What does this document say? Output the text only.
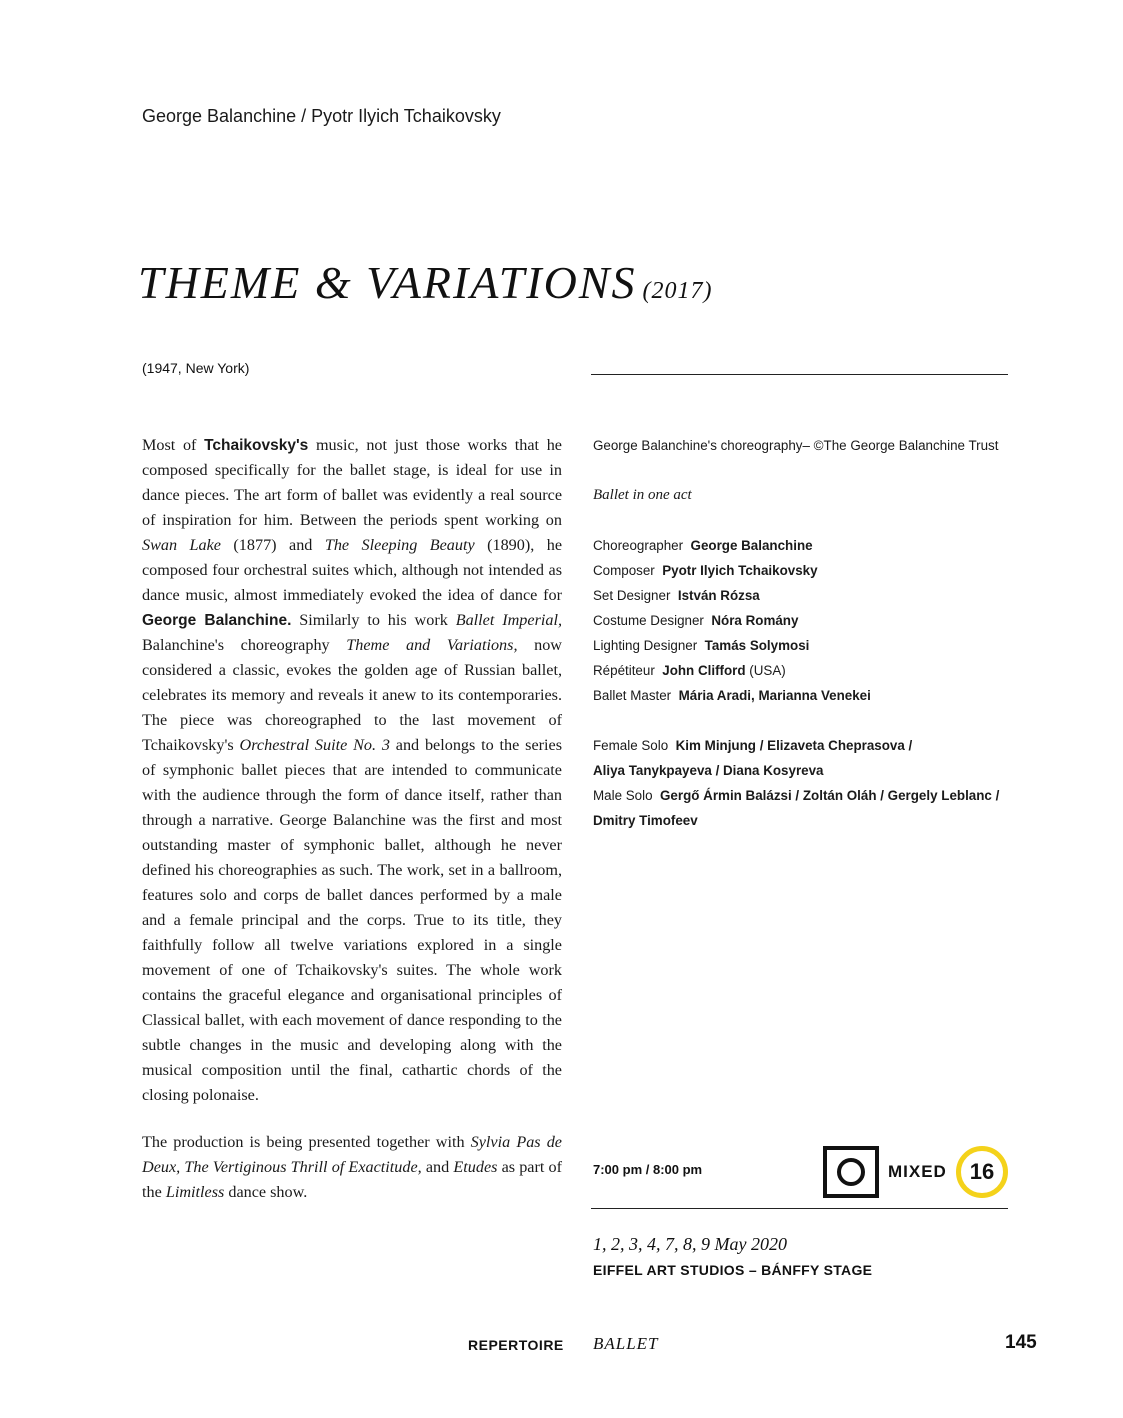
George Balanchine / Pyotr Ilyich Tchaikovsky
THEME & VARIATIONS (2017)
(1947, New York)

Most of Tchaikovsky's music, not just those works that he composed specifically for the ballet stage, is ideal for use in dance pieces. The art form of ballet was evidently a real source of inspiration for him. Between the periods spent working on Swan Lake (1877) and The Sleeping Beauty (1890), he composed four orchestral suites which, although not intended as dance music, almost immediately evoked the idea of dance for George Balanchine. Similarly to his work Ballet Imperial, Balanchine's choreography Theme and Variations, now considered a classic, evokes the golden age of Russian ballet, celebrates its memory and reveals it anew to its contemporaries. The piece was choreographed to the last movement of Tchaikovsky's Orchestral Suite No. 3 and belongs to the series of symphonic ballet pieces that are intended to communicate with the audience through the form of dance itself, rather than through a narrative. George Balanchine was the first and most outstanding master of symphonic ballet, although he never defined his choreographies as such. The work, set in a ballroom, features solo and corps de ballet dances performed by a male and a female principal and the corps. True to its title, they faithfully follow all twelve variations explored in a single movement of one of Tchaikovsky's suites. The whole work contains the graceful elegance and organisational principles of Classical ballet, with each movement of dance responding to the subtle changes in the music and developing along with the musical composition until the final, cathartic chords of the closing polonaise.

The production is being presented together with Sylvia Pas de Deux, The Vertiginous Thrill of Exactitude, and Etudes as part of the Limitless dance show.

George Balanchine's choreography– ©The George Balanchine Trust
Ballet in one act
Choreographer George Balanchine
Composer Pyotr Ilyich Tchaikovsky
Set Designer István Rózsa
Costume Designer Nóra Romány
Lighting Designer Tamás Solymosi
Répétiteur John Clifford (USA)
Ballet Master Mária Aradi, Marianna Venekei
Female Solo Kim Minjung / Elizaveta Cheprasova /
Aliya Tanykpayeva / Diana Kosyreva
Male Solo Gergő Ármin Balázsi / Zoltán Oláh / Gergely Leblanc /
Dmitry Timofeev
7:00 pm / 8:00 pm	MIXED	16
1, 2, 3, 4, 7, 8, 9 May 2020
EIFFEL ART STUDIOS – BÁNFFY STAGE
REPERTOIRE BALLET	145
